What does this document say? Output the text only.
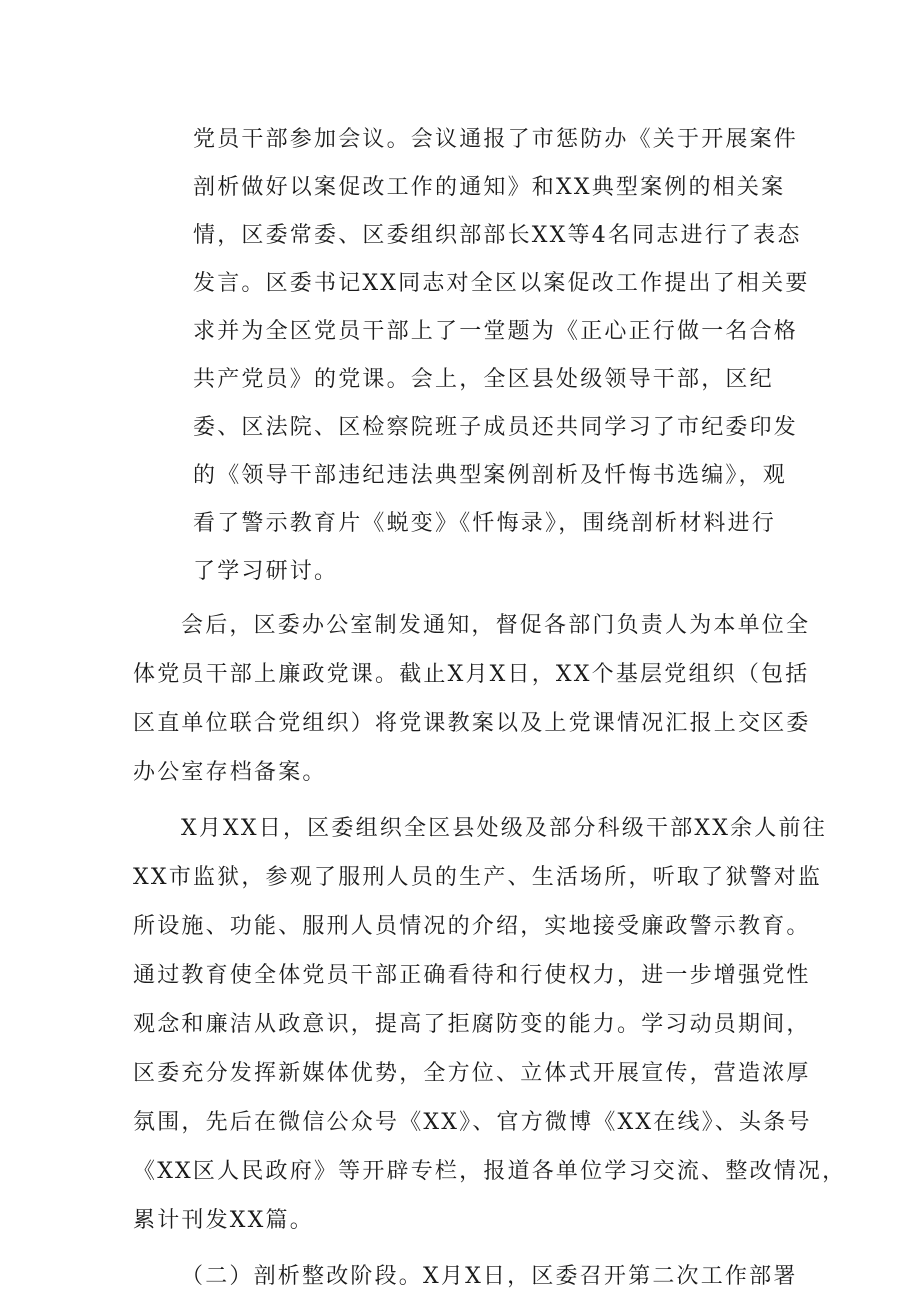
党员干部参加会议。会议通报了市惩防办《关于开展案件
剖析做好以案促改工作的通知》和XX典型案例的相关案
情，区委常委、区委组织部部长XX等4名同志进行了表态
发言。区委书记XX同志对全区以案促改工作提出了相关要
求并为全区党员干部上了一堂题为《正心正行做一名合格
共产党员》的党课。会上，全区县处级领导干部，区纪
委、区法院、区检察院班子成员还共同学习了市纪委印发
的《领导干部违纪违法典型案例剖析及忏悔书选编》，观
看了警示教育片《蜕变》《忏悔录》，围绕剖析材料进行
了学习研讨。
会后，区委办公室制发通知，督促各部门负责人为本单位全
体党员干部上廉政党课。截止X月X日，XX个基层党组织（包括
区直单位联合党组织）将党课教案以及上党课情况汇报上交区委
办公室存档备案。
X月XX日，区委组织全区县处级及部分科级干部XX余人前往
XX市监狱，参观了服刑人员的生产、生活场所，听取了狱警对监
所设施、功能、服刑人员情况的介绍，实地接受廉政警示教育。
通过教育使全体党员干部正确看待和行使权力，进一步增强党性
观念和廉洁从政意识，提高了拒腐防变的能力。学习动员期间，
区委充分发挥新媒体优势，全方位、立体式开展宣传，营造浓厚
氛围，先后在微信公众号《XX》、官方微博《XX在线》、头条号
《XX区人民政府》等开辟专栏，报道各单位学习交流、整改情况，
累计刊发XX篇。
（二）剖析整改阶段。X月X日，区委召开第二次工作部署
